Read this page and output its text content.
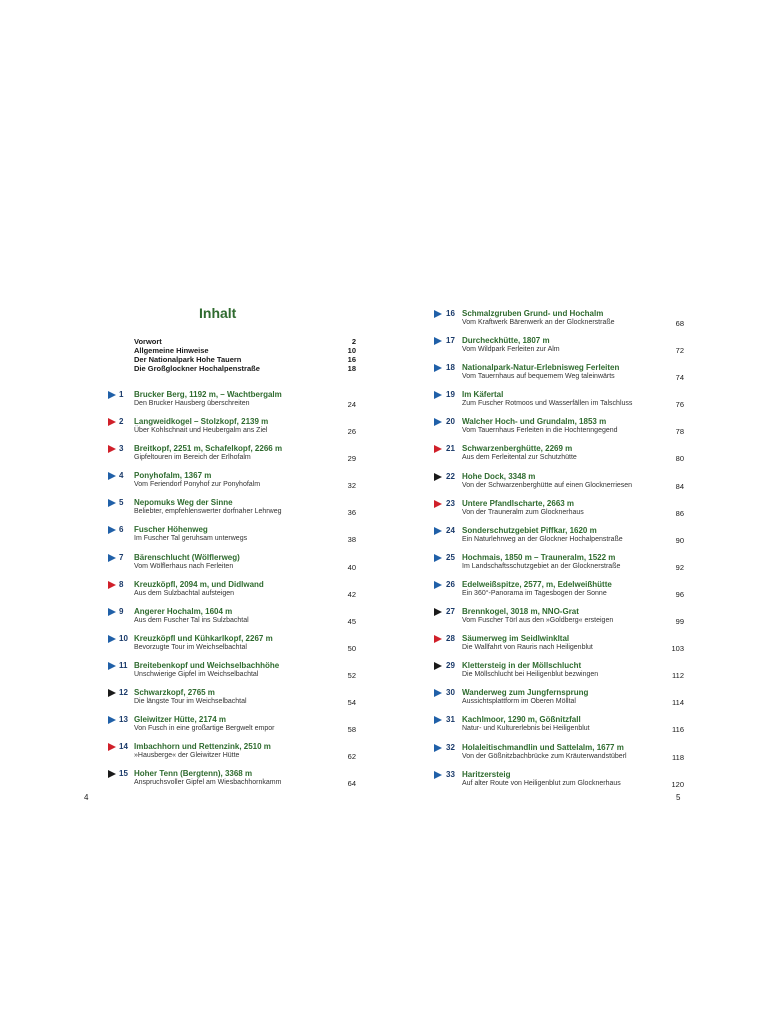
Inhalt
Vorwort	2
Allgemeine Hinweise	10
Der Nationalpark Hohe Tauern	16
Die Großglockner Hochalpenstraße	18
1 Brucker Berg, 1192 m, – Wachtbergalm
Den Brucker Hausberg überschreiten	24
2 Langweidkogel – Stolzkopf, 2139 m
Über Kohlschnait und Heubergalm ans Ziel	26
3 Breitkopf, 2251 m, Schafelkopf, 2266 m
Gipfeltouren im Bereich der Erlhofalm	29
4 Ponyhofalm, 1367 m
Vom Feriendorf Ponyhof zur Ponyhofalm	32
5 Nepomuks Weg der Sinne
Beliebter, empfehlenswerter dorfnaher Lehrweg	36
6 Fuscher Höhenweg
Im Fuscher Tal geruhsam unterwegs	38
7 Bärenschlucht (Wölflerweg)
Vom Wölflerhaus nach Ferleiten	40
8 Kreuzköpfl, 2094 m, und Didlwand
Aus dem Sulzbachtal aufsteigen	42
9 Angerer Hochalm, 1604 m
Aus dem Fuscher Tal ins Sulzbachtal	45
10 Kreuzköpfl und Kühkarlkopf, 2267 m
Bevorzugte Tour im Weichselbachtal	50
11 Breitebenkopf und Weichselbachhöhe
Unschwierige Gipfel im Weichselbachtal	52
12 Schwarzkopf, 2765 m
Die längste Tour im Weichselbachtal	54
13 Gleiwitzer Hütte, 2174 m
Von Fusch in eine großartige Bergwelt empor	58
14 Imbachhorn und Rettenzink, 2510 m
»Hausberge« der Gleiwitzer Hütte	62
15 Hoher Tenn (Bergtenn), 3368 m
Anspruchsvoller Gipfel am Wiesbachhornkamm	64
16 Schmalzgruben Grund- und Hochalm
Vom Kraftwerk Bärenwerk an der Glocknerstraße	68
17 Durcheckhütte, 1807 m
Vom Wildpark Ferleiten zur Alm	72
18 Nationalpark-Natur-Erlebnisweg Ferleiten
Vom Tauernhaus auf bequemem Weg taleinwärts	74
19 Im Käfertal
Zum Fuscher Rotmoos und Wasserfällen im Talschluss	76
20 Walcher Hoch- und Grundalm, 1853 m
Vom Tauernhaus Ferleiten in die Hochtenngegend	78
21 Schwarzenberghütte, 2269 m
Aus dem Ferleitental zur Schutzhütte	80
22 Hohe Dock, 3348 m
Von der Schwarzenberghütte auf einen Glocknerriesen	84
23 Untere Pfandlscharte, 2663 m
Von der Trauneralm zum Glocknerhaus	86
24 Sonderschutzgebiet Piffkar, 1620 m
Ein Naturlehrweg an der Glockner Hochalpenstraße	90
25 Hochmais, 1850 m – Trauneralm, 1522 m
Im Landschaftsschutzgebiet an der Glocknerstraße	92
26 Edelweißspitze, 2577, m, Edelweißhütte
Ein 360°-Panorama im Tagesbogen der Sonne	96
27 Brennkogel, 3018 m, NNO-Grat
Vom Fuscher Törl aus den »Goldberg« ersteigen	99
28 Säumerweg im Seidlwinkltal
Die Wallfahrt von Rauris nach Heiligenblut	103
29 Klettersteig in der Möllschlucht
Die Möllschlucht bei Heiligenblut bezwingen	112
30 Wanderweg zum Jungfernsprung
Aussichtsplattform im Oberen Mölltal	114
31 Kachlmoor, 1290 m, Gößnitzfall
Natur- und Kulturerlebnis bei Heiligenblut	116
32 Holaleitischmandlin und Sattelalm, 1677 m
Von der Gößnitzbachbrücke zum Kräuterwandstüberl	118
33 Haritzersteig
Auf alter Route von Heiligenblut zum Glocknerhaus	120
4	5
